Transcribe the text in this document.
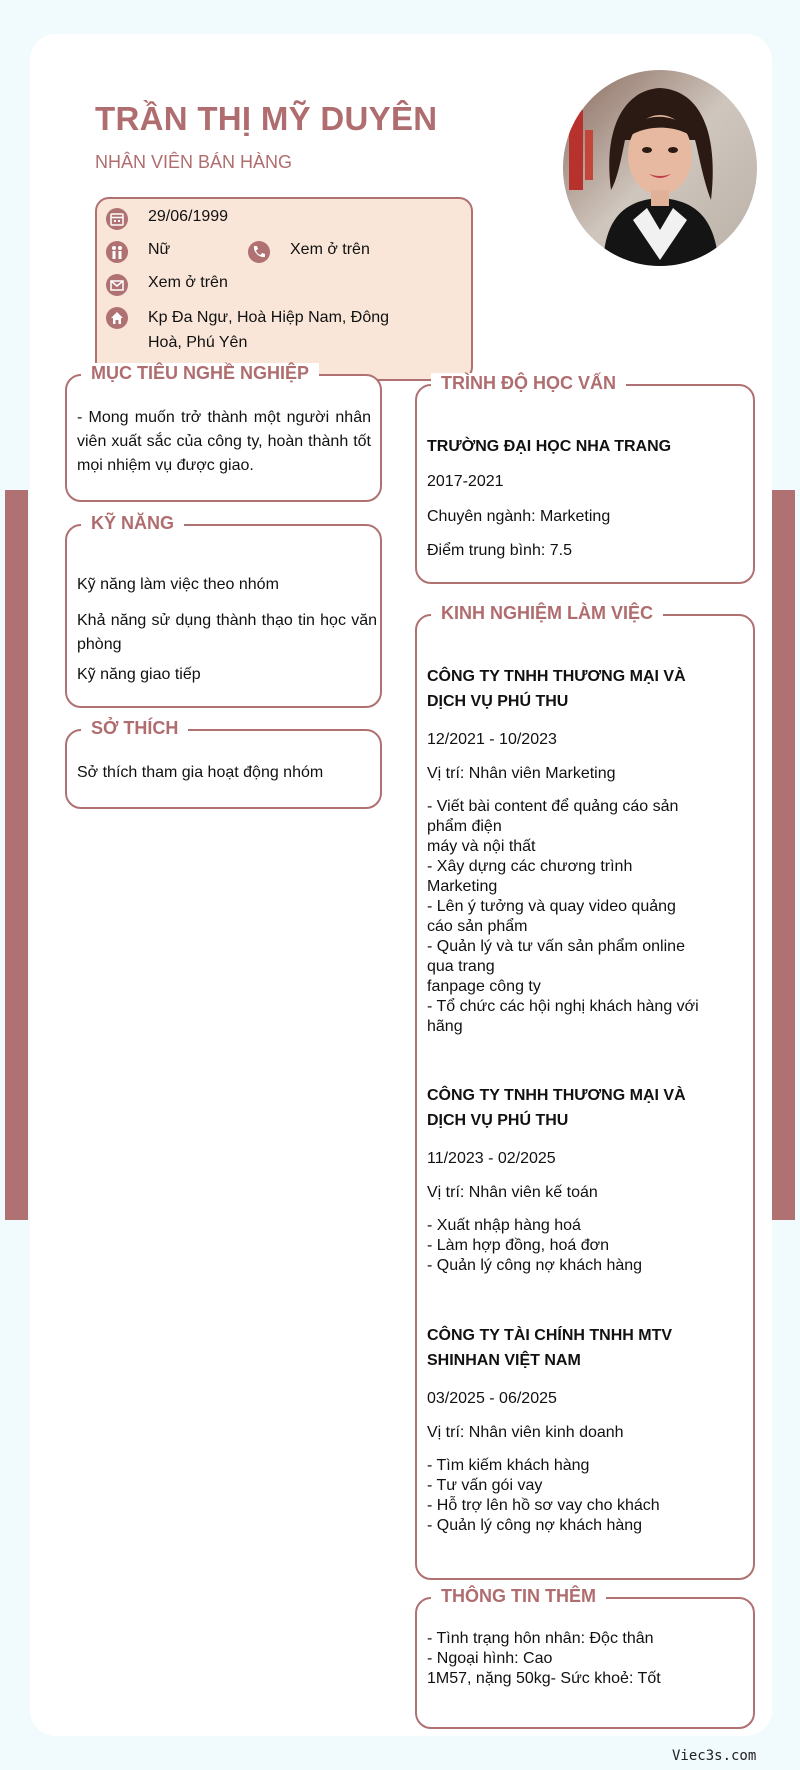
TRẦN THỊ MỸ DUYÊN
NHÂN VIÊN BÁN HÀNG
29/06/1999
Nữ	Xem ở trên
Xem ở trên
Kp Đa Ngư, Hoà Hiệp Nam, Đông Hoà, Phú Yên
MỤC TIÊU NGHỀ NGHIỆP
- Mong muốn trở thành một người nhân viên xuất sắc của công ty, hoàn thành tốt mọi nhiệm vụ được giao.
KỸ NĂNG
Kỹ năng làm việc theo nhóm
Khả năng sử dụng thành thạo tin học văn phòng
Kỹ năng giao tiếp
SỞ THÍCH
Sở thích tham gia hoạt động nhóm
TRÌNH ĐỘ HỌC VẤN
TRƯỜNG ĐẠI HỌC NHA TRANG
2017-2021
Chuyên ngành: Marketing
Điểm trung bình: 7.5
KINH NGHIỆM LÀM VIỆC
CÔNG TY TNHH THƯƠNG MẠI VÀ DỊCH VỤ PHÚ THU
12/2021 - 10/2023
Vị trí: Nhân viên Marketing
- Viết bài content để quảng cáo sản
phẩm điện
máy và nội thất
- Xây dựng các chương trình
Marketing
- Lên ý tưởng và quay video quảng
cáo sản phẩm
- Quản lý và tư vấn sản phẩm online
qua trang
fanpage công ty
- Tổ chức các hội nghị khách hàng với
hãng
CÔNG TY TNHH THƯƠNG MẠI VÀ DỊCH VỤ PHÚ THU
11/2023 - 02/2025
Vị trí: Nhân viên kế toán
- Xuất nhập hàng hoá
- Làm hợp đồng, hoá đơn
- Quản lý công nợ khách hàng
CÔNG TY TÀI CHÍNH TNHH MTV SHINHAN VIỆT NAM
03/2025 - 06/2025
Vị trí: Nhân viên kinh doanh
- Tìm kiếm khách hàng
- Tư vấn gói vay
- Hỗ trợ lên hồ sơ vay cho khách
- Quản lý công nợ khách hàng
THÔNG TIN THÊM
- Tình trạng hôn nhân: Độc thân
- Ngoại hình: Cao
1M57, nặng 50kg- Sức khoẻ: Tốt
Viec3s.com
